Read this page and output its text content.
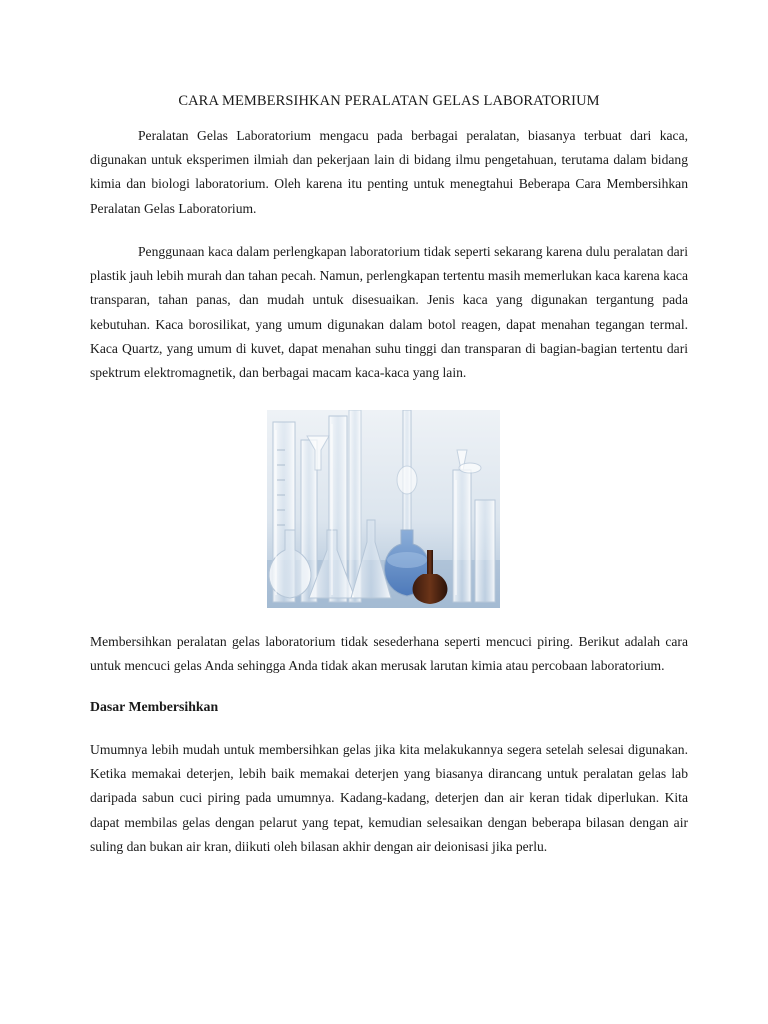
CARA MEMBERSIHKAN PERALATAN GELAS LABORATORIUM

Peralatan Gelas Laboratorium mengacu pada berbagai peralatan, biasanya terbuat dari kaca, digunakan untuk eksperimen ilmiah dan pekerjaan lain di bidang ilmu pengetahuan, terutama dalam bidang kimia dan biologi laboratorium. Oleh karena itu penting untuk menegtahui Beberapa Cara Membersihkan Peralatan Gelas Laboratorium.

Penggunaan kaca dalam perlengkapan laboratorium tidak seperti sekarang karena dulu peralatan dari plastik jauh lebih murah dan tahan pecah. Namun, perlengkapan tertentu masih memerlukan kaca karena kaca transparan, tahan panas, dan mudah untuk disesuaikan. Jenis kaca yang digunakan tergantung pada kebutuhan. Kaca borosilikat, yang umum digunakan dalam botol reagen, dapat menahan tegangan termal. Kaca Quartz, yang umum di kuvet, dapat menahan suhu tinggi dan transparan di bagian-bagian tertentu dari spektrum elektromagnetik, dan berbagai macam kaca-kaca yang lain.

Membersihkan peralatan gelas laboratorium tidak sesederhana seperti mencuci piring. Berikut adalah cara untuk mencuci gelas Anda sehingga Anda tidak akan merusak larutan kimia atau percobaan laboratorium.

Dasar Membersihkan

Umumnya lebih mudah untuk membersihkan gelas jika kita melakukannya segera setelah selesai digunakan. Ketika memakai deterjen, lebih baik memakai deterjen yang biasanya dirancang untuk peralatan gelas lab daripada sabun cuci piring pada umumnya. Kadang-kadang, deterjen dan air keran tidak diperlukan. Kita dapat membilas gelas dengan pelarut yang tepat, kemudian selesaikan dengan beberapa bilasan dengan air suling dan bukan air kran, diikuti oleh bilasan akhir dengan air deionisasi jika perlu.
